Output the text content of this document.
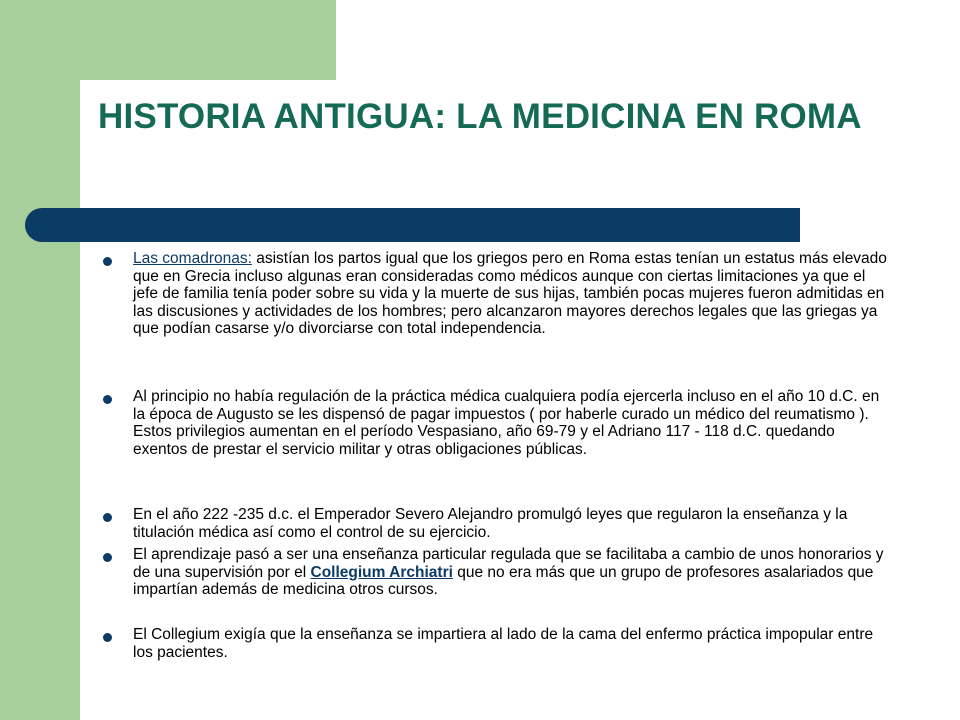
HISTORIA ANTIGUA: LA MEDICINA EN ROMA

Las comadronas: asistían los partos igual que los griegos pero en Roma estas tenían un estatus más elevado que en Grecia incluso algunas eran consideradas como médicos aunque con ciertas limitaciones ya que el jefe de familia tenía poder sobre su vida y la muerte de sus hijas, también pocas mujeres fueron admitidas en las discusiones y actividades de los hombres; pero alcanzaron mayores derechos legales que las griegas ya que podían casarse y/o divorciarse con total independencia.

Al principio no había regulación de la práctica médica cualquiera podía ejercerla incluso en el año 10 d.C. en la época de Augusto se les dispensó de pagar impuestos ( por haberle curado un médico del reumatismo ). Estos privilegios aumentan en el período Vespasiano, año 69-79 y el Adriano 117 - 118 d.C. quedando exentos de prestar el servicio militar y otras obligaciones públicas.

En el año 222 -235 d.c. el Emperador Severo Alejandro promulgó leyes que regularon la enseñanza y la titulación médica así como el control de su ejercicio.

El aprendizaje pasó a ser una enseñanza particular regulada que se facilitaba a cambio de unos honorarios y de una supervisión por el Collegium Archiatri que no era más que un grupo de profesores asalariados que impartían además de medicina otros cursos.

El Collegium exigía que la enseñanza se impartiera al lado de la cama del enfermo práctica impopular entre los pacientes.
